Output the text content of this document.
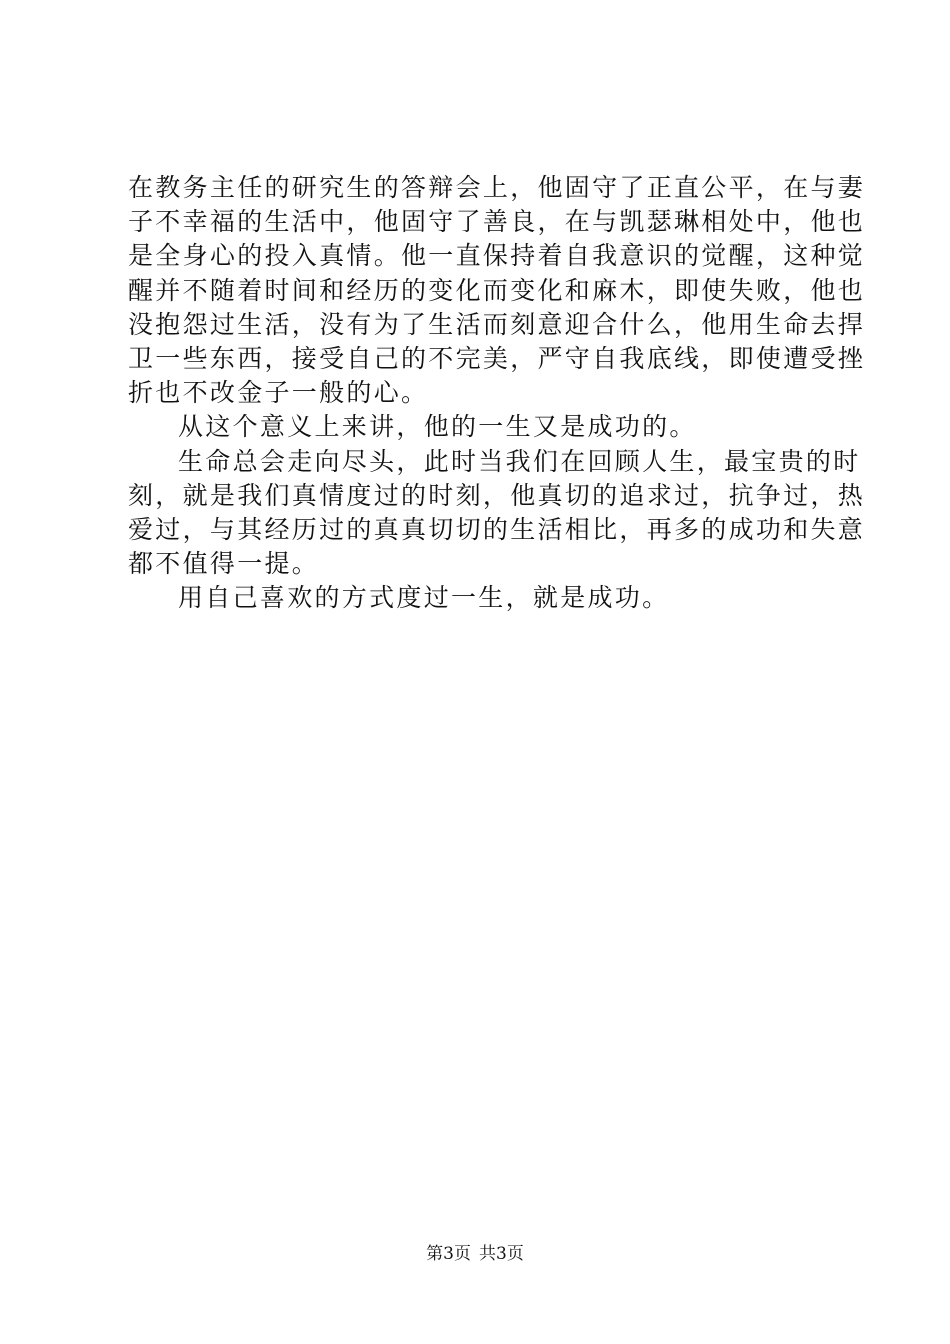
在教务主任的研究生的答辩会上，他固守了正直公平，在与妻
子不幸福的生活中，他固守了善良，在与凯瑟琳相处中，他也
是全身心的投入真情。他一直保持着自我意识的觉醒，这种觉
醒并不随着时间和经历的变化而变化和麻木，即使失败，他也
没抱怨过生活，没有为了生活而刻意迎合什么，他用生命去捍
卫一些东西，接受自己的不完美，严守自我底线，即使遭受挫
折也不改金子一般的心。
从这个意义上来讲，他的一生又是成功的。
生命总会走向尽头，此时当我们在回顾人生，最宝贵的时
刻，就是我们真情度过的时刻，他真切的追求过，抗争过，热
爱过，与其经历过的真真切切的生活相比，再多的成功和失意
都不值得一提。
用自己喜欢的方式度过一生，就是成功。
第3页 共3页
